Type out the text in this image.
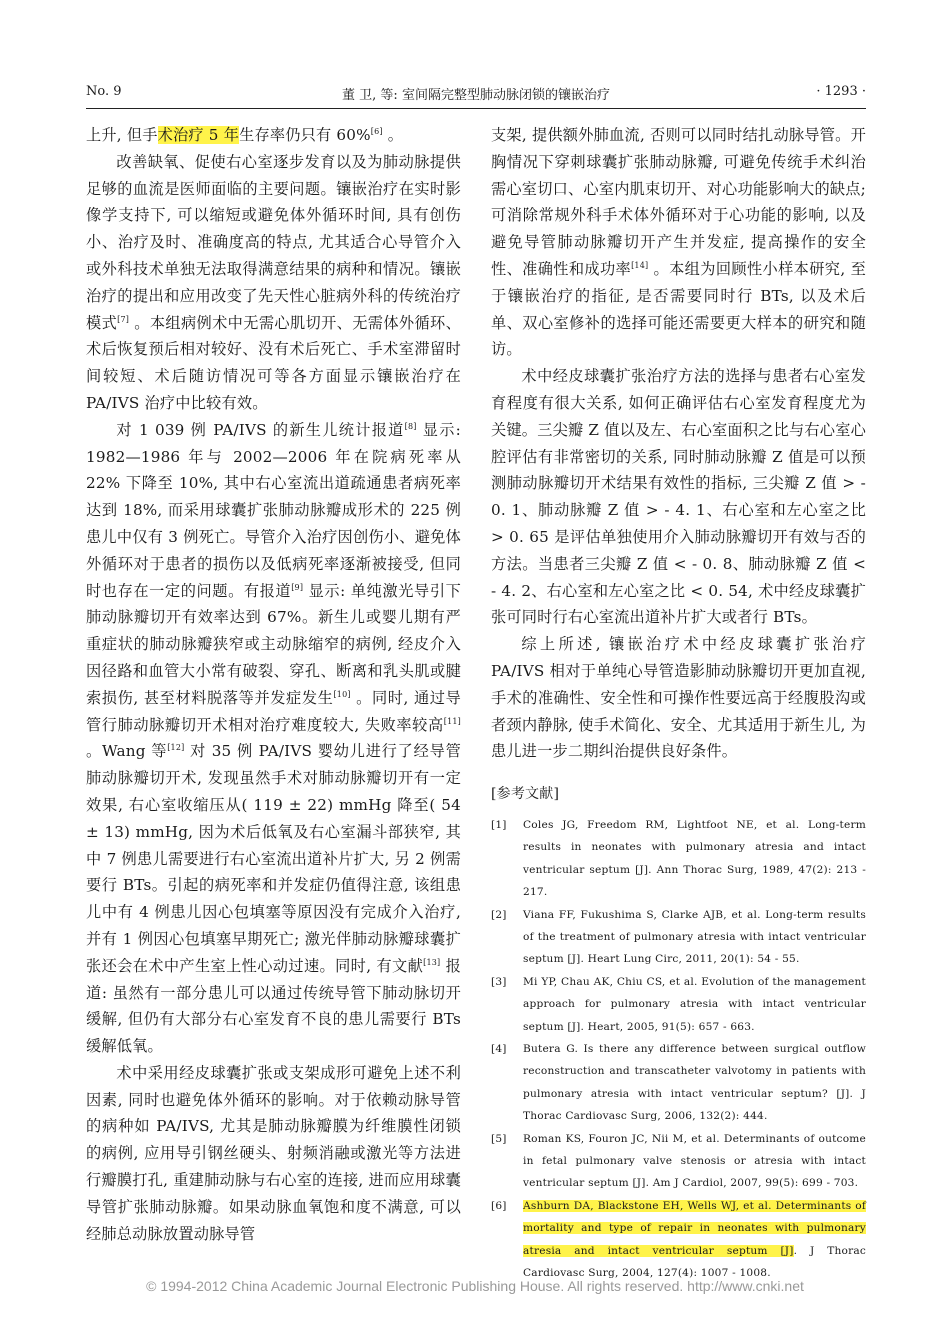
No. 9	董 卫, 等: 室间隔完整型肺动脉闭锁的镶嵌治疗	· 1293 ·

上升, 但手术治疗 5 年生存率仍只有 60%[6] 。

改善缺氧、促使右心室逐步发育以及为肺动脉提供足够的血流是医师面临的主要问题。镶嵌治疗在实时影像学支持下, 可以缩短或避免体外循环时间, 具有创伤小、治疗及时、准确度高的特点, 尤其适合心导管介入或外科技术单独无法取得满意结果的病种和情况。镶嵌治疗的提出和应用改变了先天性心脏病外科的传统治疗模式[7] 。本组病例术中无需心肌切开、无需体外循环、术后恢复预后相对较好、没有术后死亡、手术室滞留时间较短、术后随访情况可等各方面显示镶嵌治疗在 PA/IVS 治疗中比较有效。

对 1 039 例 PA/IVS 的新生儿统计报道[8] 显示: 1982—1986 年与 2002—2006 年在院病死率从 22% 下降至 10%, 其中右心室流出道疏通患者病死率达到 18%, 而采用球囊扩张肺动脉瓣成形术的 225 例患儿中仅有 3 例死亡。导管介入治疗因创伤小、避免体外循环对于患者的损伤以及低病死率逐渐被接受, 但同时也存在一定的问题。有报道[9] 显示: 单纯激光导引下肺动脉瓣切开有效率达到 67%。新生儿或婴儿期有严重症状的肺动脉瓣狭窄或主动脉缩窄的病例, 经皮介入因径路和血管大小常有破裂、穿孔、断离和乳头肌或腱索损伤, 甚至材料脱落等并发症发生[10] 。同时, 通过导管行肺动脉瓣切开术相对治疗难度较大, 失败率较高[11] 。Wang 等[12] 对 35 例 PA/IVS 婴幼儿进行了经导管肺动脉瓣切开术, 发现虽然手术对肺动脉瓣切开有一定效果, 右心室收缩压从( 119 ± 22) mmHg 降至( 54 ± 13) mmHg, 因为术后低氧及右心室漏斗部狭窄, 其中 7 例患儿需要进行右心室流出道补片扩大, 另 2 例需要行 BTs。引起的病死率和并发症仍值得注意, 该组患儿中有 4 例患儿因心包填塞等原因没有完成介入治疗, 并有 1 例因心包填塞早期死亡; 激光伴肺动脉瓣球囊扩张还会在术中产生室上性心动过速。同时, 有文献[13] 报道: 虽然有一部分患儿可以通过传统导管下肺动脉切开缓解, 但仍有大部分右心室发育不良的患儿需要行 BTs 缓解低氧。

术中采用经皮球囊扩张或支架成形可避免上述不利因素, 同时也避免体外循环的影响。对于依赖动脉导管的病种如 PA/IVS, 尤其是肺动脉瓣膜为纤维膜性闭锁的病例, 应用导引钢丝硬头、射频消融或激光等方法进行瓣膜打孔, 重建肺动脉与右心室的连接, 进而应用球囊导管扩张肺动脉瓣。如果动脉血氧饱和度不满意, 可以经肺总动脉放置动脉导管

支架, 提供额外肺血流, 否则可以同时结扎动脉导管。开胸情况下穿刺球囊扩张肺动脉瓣, 可避免传统手术纠治需心室切口、心室内肌束切开、对心功能影响大的缺点; 可消除常规外科手术体外循环对于心功能的影响, 以及避免导管肺动脉瓣切开产生并发症, 提高操作的安全性、准确性和成功率[14] 。本组为回顾性小样本研究, 至于镶嵌治疗的指征, 是否需要同时行 BTs, 以及术后单、双心室修补的选择可能还需要更大样本的研究和随访。

术中经皮球囊扩张治疗方法的选择与患者右心室发育程度有很大关系, 如何正确评估右心室发育程度尤为关键。三尖瓣 Z 值以及左、右心室面积之比与右心室心腔评估有非常密切的关系, 同时肺动脉瓣 Z 值是可以预测肺动脉瓣切开术结果有效性的指标, 三尖瓣 Z 值 > - 0. 1、肺动脉瓣 Z 值 > - 4. 1、右心室和左心室之比 > 0. 65 是评估单独使用介入肺动脉瓣切开有效与否的方法。当患者三尖瓣 Z 值 < - 0. 8、肺动脉瓣 Z 值 < - 4. 2、右心室和左心室之比 < 0. 54, 术中经皮球囊扩张可同时行右心室流出道补片扩大或者行 BTs。

综上所述, 镶嵌治疗术中经皮球囊扩张治疗 PA/IVS 相对于单纯心导管造影肺动脉瓣切开更加直视, 手术的准确性、安全性和可操作性要远高于经腹股沟或者颈内静脉, 使手术简化、安全、尤其适用于新生儿, 为患儿进一步二期纠治提供良好条件。

[参考文献]
[1] Coles JG, Freedom RM, Lightfoot NE, et al. Long-term results in neonates with pulmonary atresia and intact ventricular septum [J]. Ann Thorac Surg, 1989, 47(2): 213 - 217.
[2] Viana FF, Fukushima S, Clarke AJB, et al. Long-term results of the treatment of pulmonary atresia with intact ventricular septum [J]. Heart Lung Circ, 2011, 20(1): 54 - 55.
[3] Mi YP, Chau AK, Chiu CS, et al. Evolution of the management approach for pulmonary atresia with intact ventricular septum [J]. Heart, 2005, 91(5): 657 - 663.
[4] Butera G. Is there any difference between surgical outflow reconstruction and transcatheter valvotomy in patients with pulmonary atresia with intact ventricular septum? [J]. J Thorac Cardiovasc Surg, 2006, 132(2): 444.
[5] Roman KS, Fouron JC, Nii M, et al. Determinants of outcome in fetal pulmonary valve stenosis or atresia with intact ventricular septum [J]. Am J Cardiol, 2007, 99(5): 699 - 703.
[6] Ashburn DA, Blackstone EH, Wells WJ, et al. Determinants of mortality and type of repair in neonates with pulmonary atresia and intact ventricular septum [J]. J Thorac Cardiovasc Surg, 2004, 127(4): 1007 - 1008.
© 1994-2012 China Academic Journal Electronic Publishing House. All rights reserved. http://www.cnki.net
